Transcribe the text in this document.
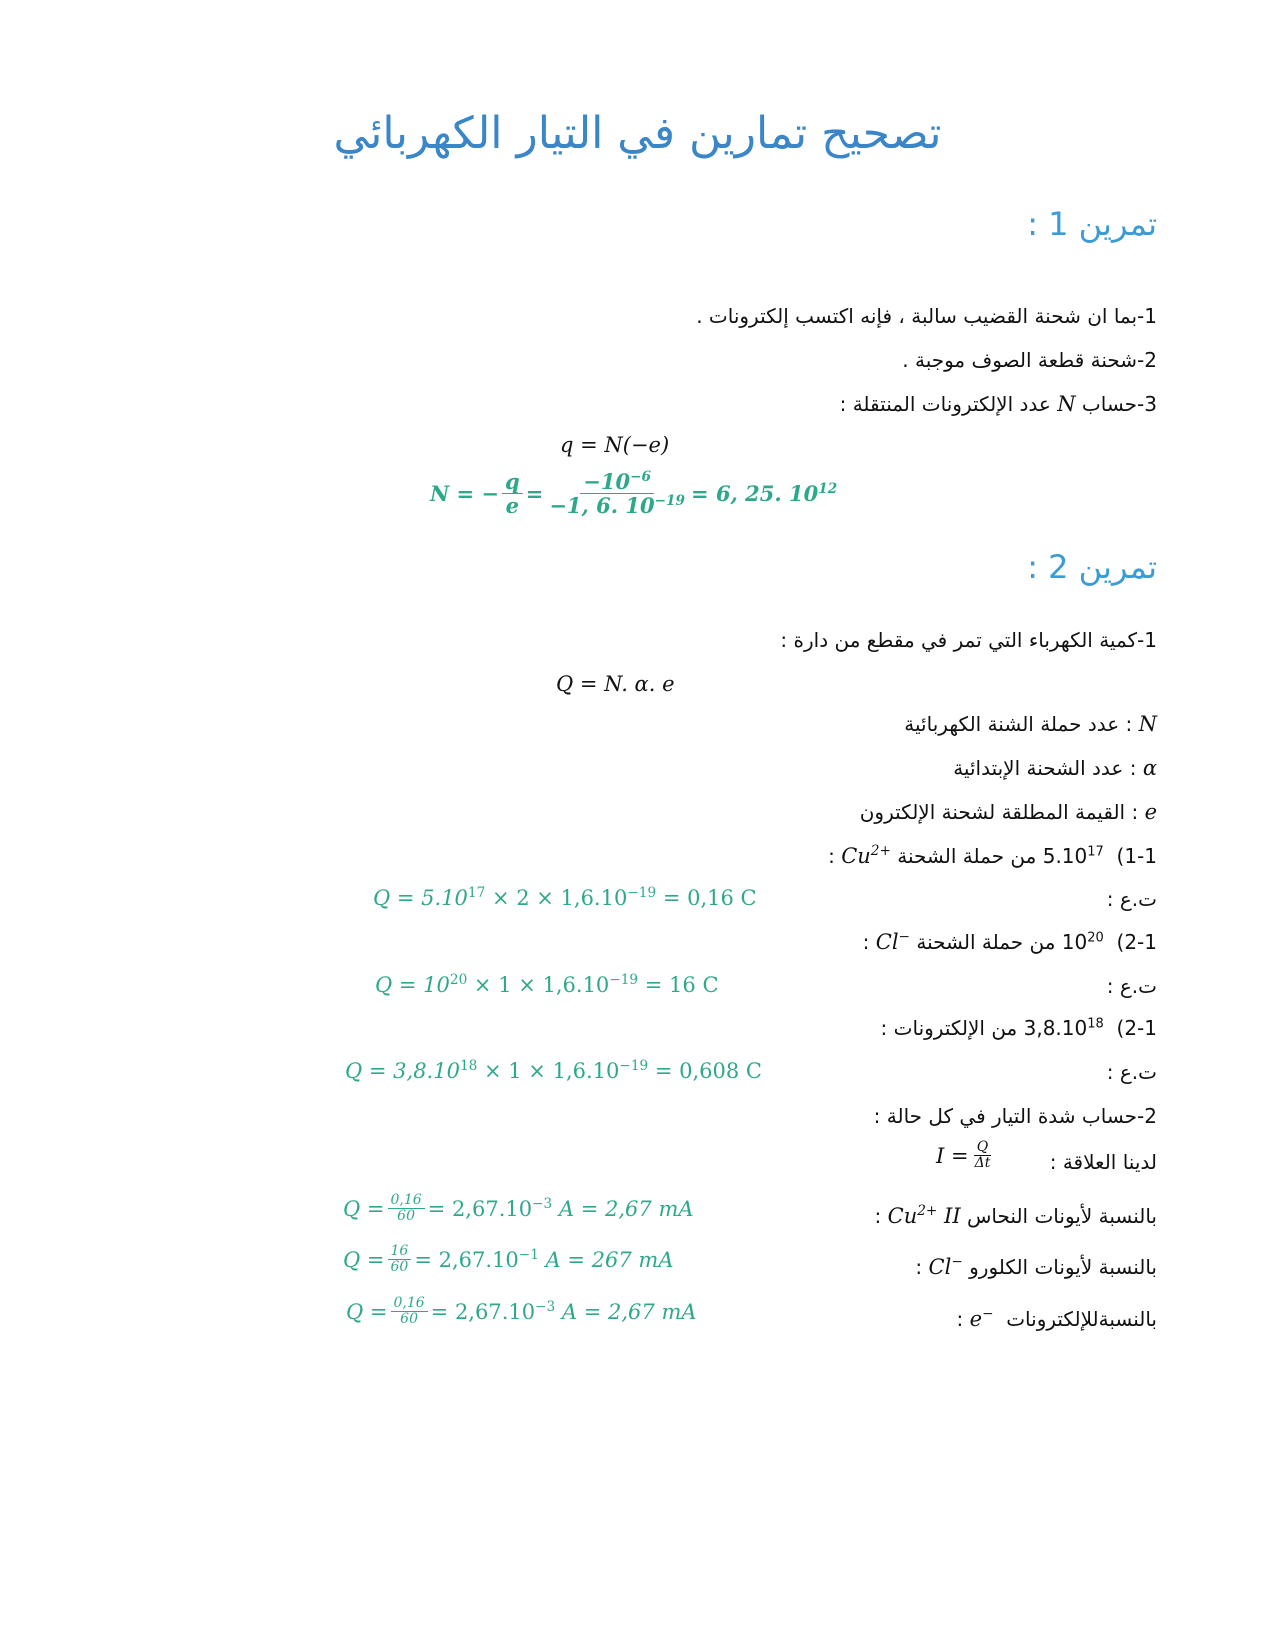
تصحيح تمارين في التيار الكهربائي
تمرين 1 :
1-بما ان شحنة القضيب سالبة ، فإنه اكتسب إلكترونات .
2-شحنة قطعة الصوف موجبة .
3-حساب N عدد الإلكترونات المنتقلة :
q = N(−e)
N = − $\frac{q}{e} = \frac{-10^{-6}}{-1, 6. 10^{-19}} = 6$, 25. $10^{12}$
تمرين 2 :
1-كمية الكهرباء التي تمر في مقطع من دارة :
Q = N. α. e
N : عدد حملة الشنة الكهربائية
α : عدد الشحنة الإبتدائية
e : القيمة المطلقة لشحنة الإلكترون
1-1)  5.10$^{17}$ من حملة الشحنة $Cu^{2+}$ :
ت.ع :
$Q = 5.10^{17} \times 2 \times 1,6.10^{-19} = 0,16$ C
2-1)  $10^{20}$ من حملة الشحنة Cl− :
ت.ع :
$Q = 10^{20} \times 1 \times 1,6.10^{-19} = 16$ C
2-1)  3,8.10$^{18}$ من الإلكترونات :
ت.ع :
$Q = 3,8.10^{18} \times 1 \times 1,6.10^{-19} = 0,608$ C
2-حساب شدة التيار في كل حالة :
لدينا العلاقة :
$I = \frac{Q}{\Delta t}$
بالنسبة لأيونات النحاس $Cu^{2+}$ II :
$Q = \frac{0,16}{60} = 2,67.10^{-3}$ A = 2,67 mA
بالنسبة لأيونات الكلورو Cl− :
$Q = \frac{16}{60} = 2,67.10^{-1}$ A = 267 mA
بالنسبةللإلكترونات  e− :
$Q = \frac{0,16}{60} = 2,67.10^{-3}$ A = 2,67 mA
